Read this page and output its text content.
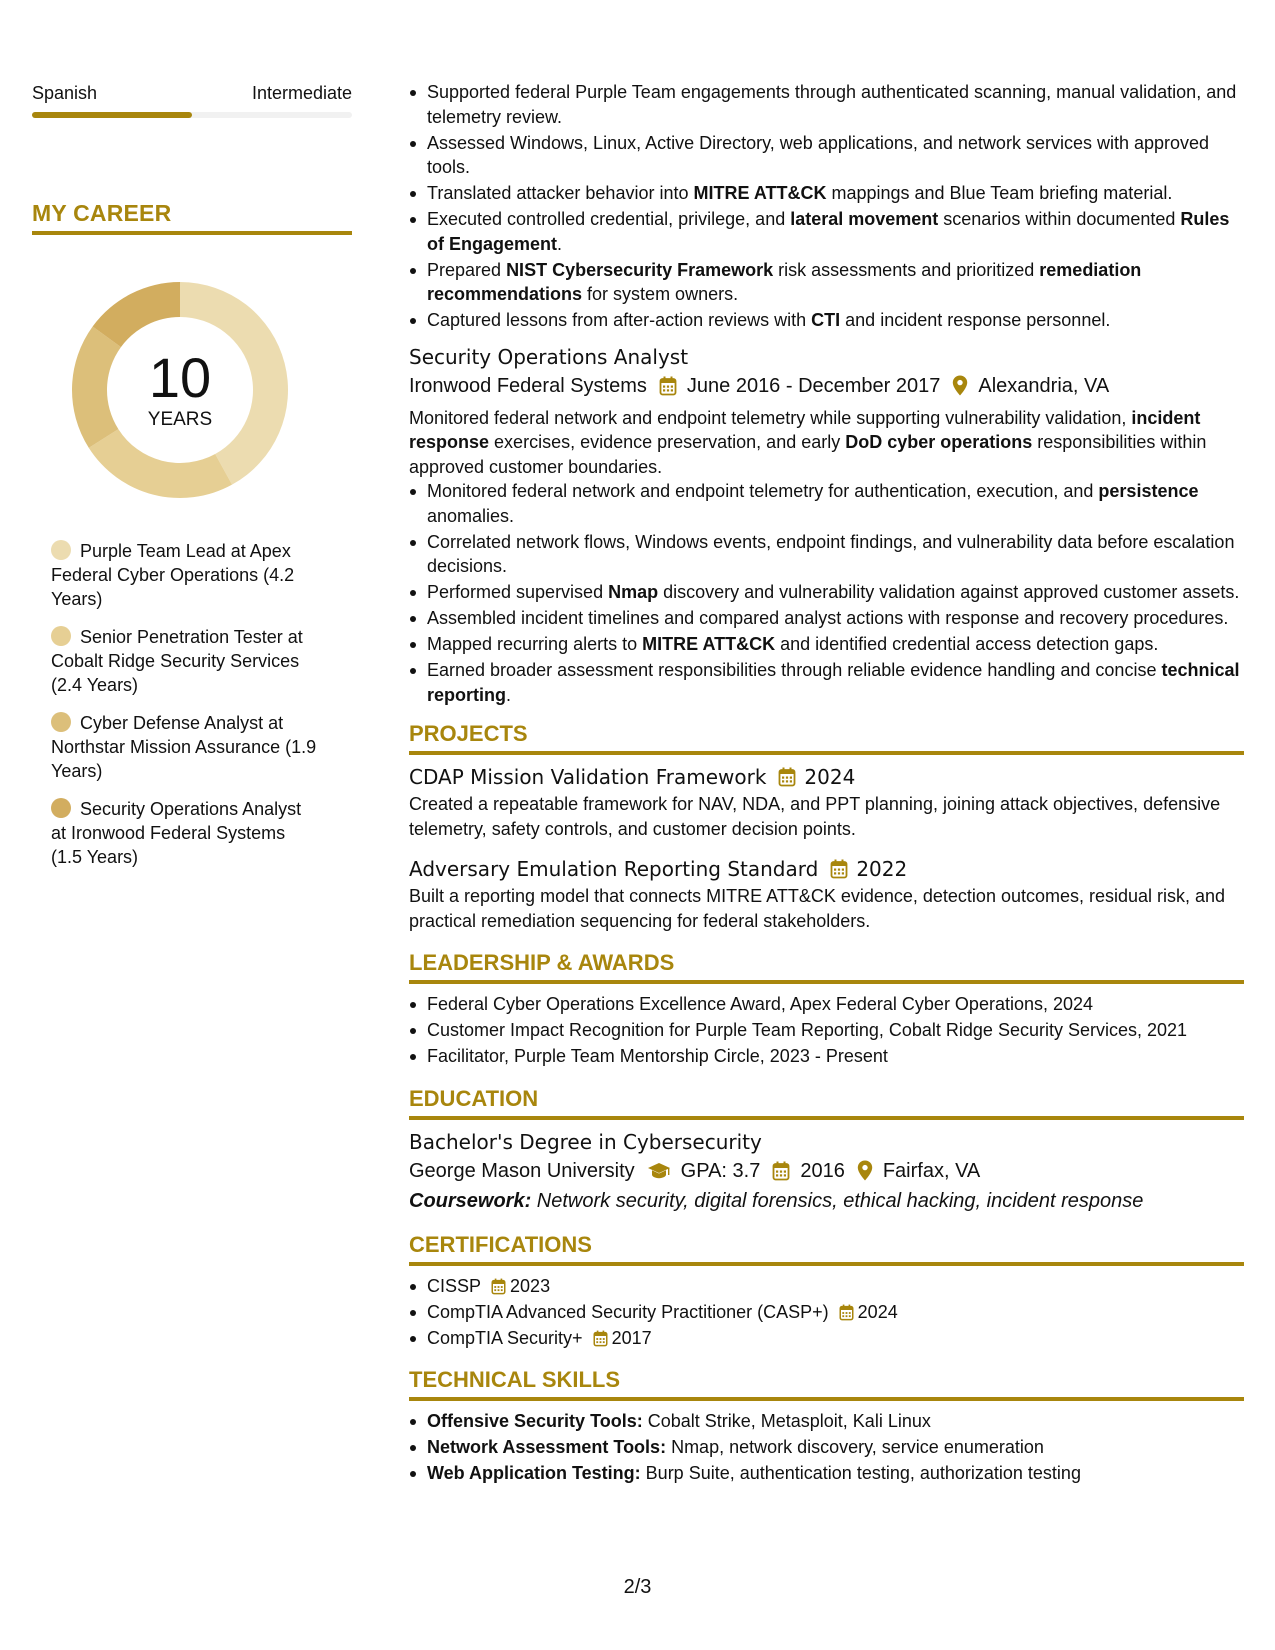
Spanish	Intermediate
MY CAREER
10
YEARS
Purple Team Lead at Apex Federal Cyber Operations (4.2 Years)
Senior Penetration Tester at Cobalt Ridge Security Services (2.4 Years)
Cyber Defense Analyst at Northstar Mission Assurance (1.9 Years)
Security Operations Analyst at Ironwood Federal Systems (1.5 Years)
Supported federal Purple Team engagements through authenticated scanning, manual validation, and telemetry review.
Assessed Windows, Linux, Active Directory, web applications, and network services with approved tools.
Translated attacker behavior into MITRE ATT&CK mappings and Blue Team briefing material.
Executed controlled credential, privilege, and lateral movement scenarios within documented Rules of Engagement.
Prepared NIST Cybersecurity Framework risk assessments and prioritized remediation recommendations for system owners.
Captured lessons from after-action reviews with CTI and incident response personnel.
Security Operations Analyst
Ironwood Federal Systems June 2016 - December 2017 Alexandria, VA
Monitored federal network and endpoint telemetry while supporting vulnerability validation, incident response exercises, evidence preservation, and early DoD cyber operations responsibilities within approved customer boundaries.
Monitored federal network and endpoint telemetry for authentication, execution, and persistence anomalies.
Correlated network flows, Windows events, endpoint findings, and vulnerability data before escalation decisions.
Performed supervised Nmap discovery and vulnerability validation against approved customer assets.
Assembled incident timelines and compared analyst actions with response and recovery procedures.
Mapped recurring alerts to MITRE ATT&CK and identified credential access detection gaps.
Earned broader assessment responsibilities through reliable evidence handling and concise technical reporting.
PROJECTS
CDAP Mission Validation Framework 2024
Created a repeatable framework for NAV, NDA, and PPT planning, joining attack objectives, defensive telemetry, safety controls, and customer decision points.
Adversary Emulation Reporting Standard 2022
Built a reporting model that connects MITRE ATT&CK evidence, detection outcomes, residual risk, and practical remediation sequencing for federal stakeholders.
LEADERSHIP & AWARDS
Federal Cyber Operations Excellence Award, Apex Federal Cyber Operations, 2024
Customer Impact Recognition for Purple Team Reporting, Cobalt Ridge Security Services, 2021
Facilitator, Purple Team Mentorship Circle, 2023 - Present
EDUCATION
Bachelor's Degree in Cybersecurity
George Mason University GPA: 3.7 2016 Fairfax, VA
Coursework: Network security, digital forensics, ethical hacking, incident response
CERTIFICATIONS
CISSP 2023
CompTIA Advanced Security Practitioner (CASP+) 2024
CompTIA Security+ 2017
TECHNICAL SKILLS
Offensive Security Tools: Cobalt Strike, Metasploit, Kali Linux
Network Assessment Tools: Nmap, network discovery, service enumeration
Web Application Testing: Burp Suite, authentication testing, authorization testing
2/3
